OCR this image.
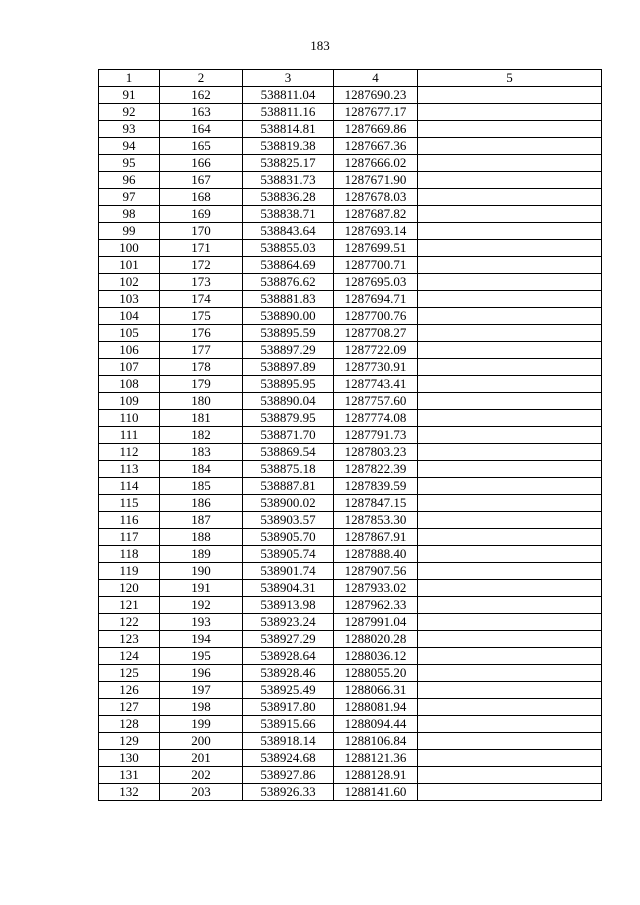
183
1	2	3	4	5
91	162	538811.04	1287690.23	
92	163	538811.16	1287677.17	
93	164	538814.81	1287669.86	
94	165	538819.38	1287667.36	
95	166	538825.17	1287666.02	
96	167	538831.73	1287671.90	
97	168	538836.28	1287678.03	
98	169	538838.71	1287687.82	
99	170	538843.64	1287693.14	
100	171	538855.03	1287699.51	
101	172	538864.69	1287700.71	
102	173	538876.62	1287695.03	
103	174	538881.83	1287694.71	
104	175	538890.00	1287700.76	
105	176	538895.59	1287708.27	
106	177	538897.29	1287722.09	
107	178	538897.89	1287730.91	
108	179	538895.95	1287743.41	
109	180	538890.04	1287757.60	
110	181	538879.95	1287774.08	
111	182	538871.70	1287791.73	
112	183	538869.54	1287803.23	
113	184	538875.18	1287822.39	
114	185	538887.81	1287839.59	
115	186	538900.02	1287847.15	
116	187	538903.57	1287853.30	
117	188	538905.70	1287867.91	
118	189	538905.74	1287888.40	
119	190	538901.74	1287907.56	
120	191	538904.31	1287933.02	
121	192	538913.98	1287962.33	
122	193	538923.24	1287991.04	
123	194	538927.29	1288020.28	
124	195	538928.64	1288036.12	
125	196	538928.46	1288055.20	
126	197	538925.49	1288066.31	
127	198	538917.80	1288081.94	
128	199	538915.66	1288094.44	
129	200	538918.14	1288106.84	
130	201	538924.68	1288121.36	
131	202	538927.86	1288128.91	
132	203	538926.33	1288141.60	
